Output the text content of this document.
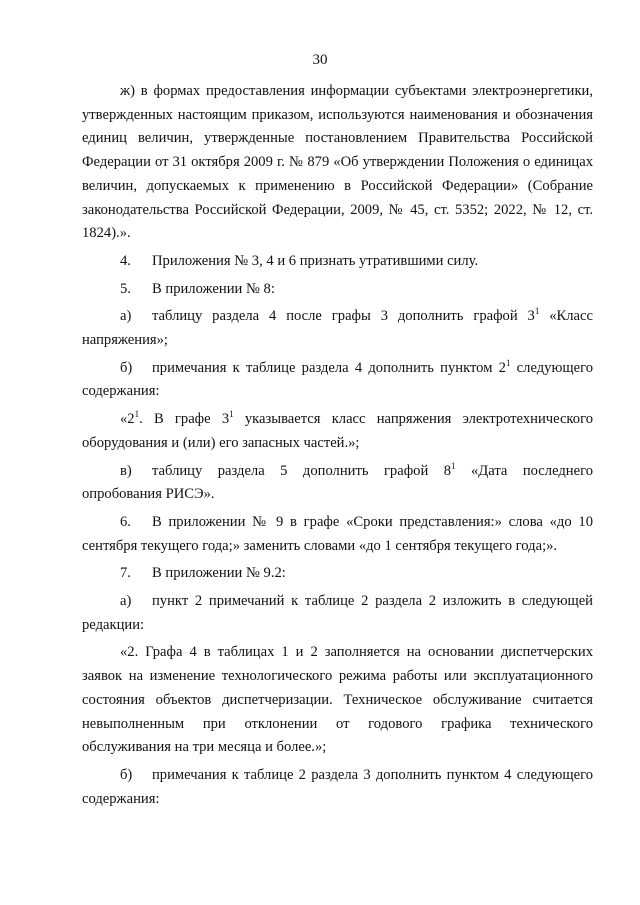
30

ж) в формах предоставления информации субъектами электроэнергетики, утвержденных настоящим приказом, используются наименования и обозначения единиц величин, утвержденные постановлением Правительства Российской Федерации от 31 октября 2009 г. № 879 «Об утверждении Положения о единицах величин, допускаемых к применению в Российской Федерации» (Собрание законодательства Российской Федерации, 2009, № 45, ст. 5352; 2022, № 12, ст. 1824).».

4. Приложения № 3, 4 и 6 признать утратившими силу.

5. В приложении № 8:

а) таблицу раздела 4 после графы 3 дополнить графой $3^1$ «Класс напряжения»;

б) примечания к таблице раздела 4 дополнить пунктом $2^1$ следующего содержания:

«$2^1$. В графе $3^1$ указывается класс напряжения электротехнического оборудования и (или) его запасных частей.»;

в) таблицу раздела 5 дополнить графой $8^1$ «Дата последнего опробования РИСЭ».

6. В приложении № 9 в графе «Сроки представления:» слова «до 10 сентября текущего года;» заменить словами «до 1 сентября текущего года;».

7. В приложении № 9.2:

а) пункт 2 примечаний к таблице 2 раздела 2 изложить в следующей редакции:

«2. Графа 4 в таблицах 1 и 2 заполняется на основании диспетчерских заявок на изменение технологического режима работы или эксплуатационного состояния объектов диспетчеризации. Техническое обслуживание считается невыполненным при отклонении от годового графика технического обслуживания на три месяца и более.»;

б) примечания к таблице 2 раздела 3 дополнить пунктом 4 следующего содержания:
